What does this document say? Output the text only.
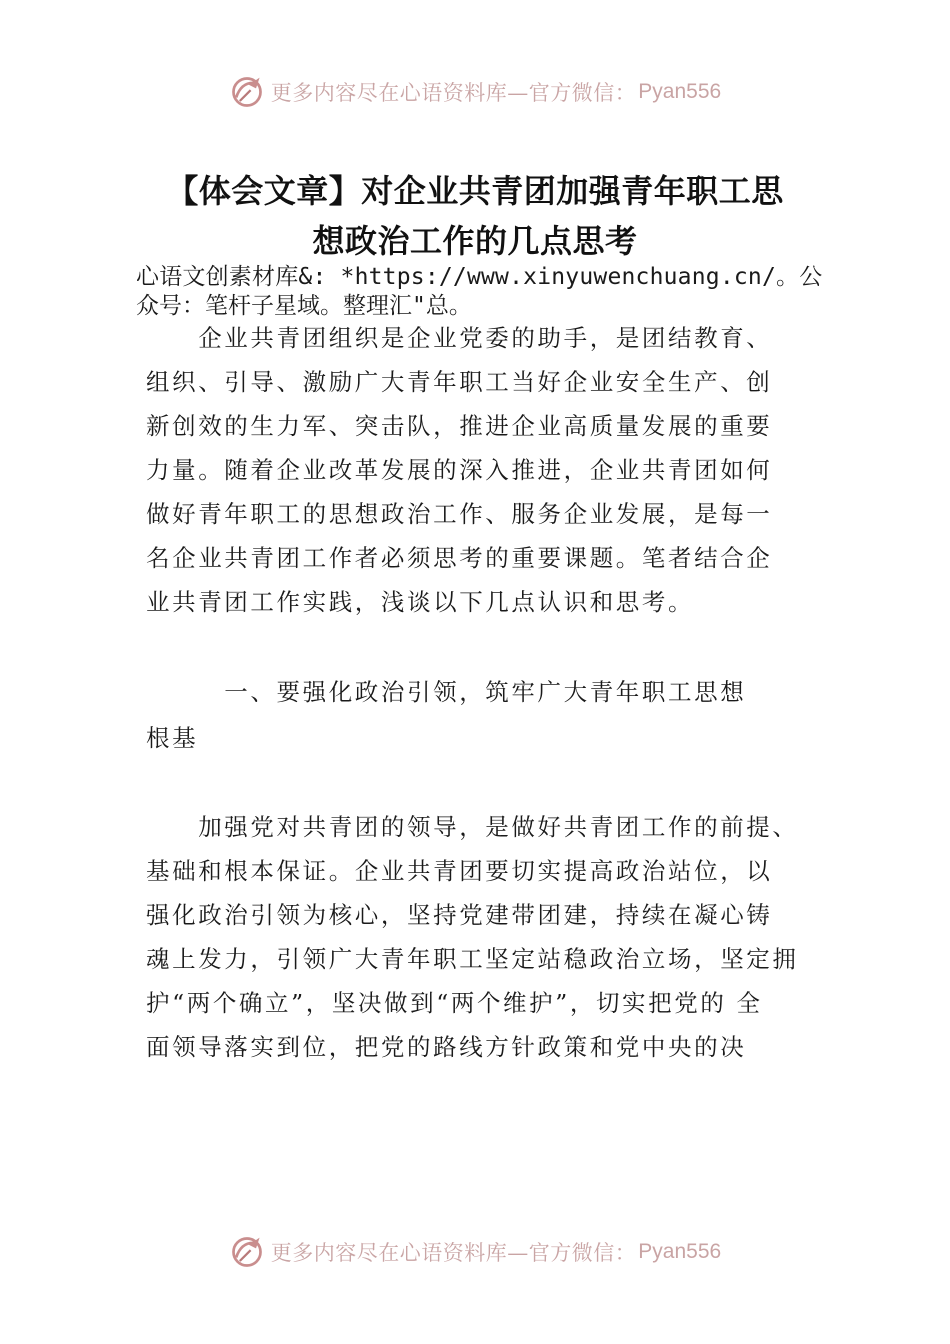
更多内容尽在心语资料库—官方微信： Pyan556
【体会文章】对企业共青团加强青年职工思
想政治工作的几点思考
心语文创素材库&: *https://www.xinyuwenchuang.cn/。公
众号：笔杆子星域。整理汇"总。
　　企业共青团组织是企业党委的助手，是团结教育、
组织、引导、激励广大青年职工当好企业安全生产、创
新创效的生力军、突击队，推进企业高质量发展的重要
力量。随着企业改革发展的深入推进，企业共青团如何
做好青年职工的思想政治工作、服务企业发展，是每一
名企业共青团工作者必须思考的重要课题。笔者结合企
业共青团工作实践，浅谈以下几点认识和思考。
　　　一、要强化政治引领，筑牢广大青年职工思想
根基
　　加强党对共青团的领导，是做好共青团工作的前提、
基础和根本保证。企业共青团要切实提高政治站位，以
强化政治引领为核心，坚持党建带团建，持续在凝心铸
魂上发力，引领广大青年职工坚定站稳政治立场，坚定拥
护“两个确立”，坚决做到“两个维护”，切实把党的 全
面领导落实到位，把党的路线方针政策和党中央的决
更多内容尽在心语资料库—官方微信： Pyan556
